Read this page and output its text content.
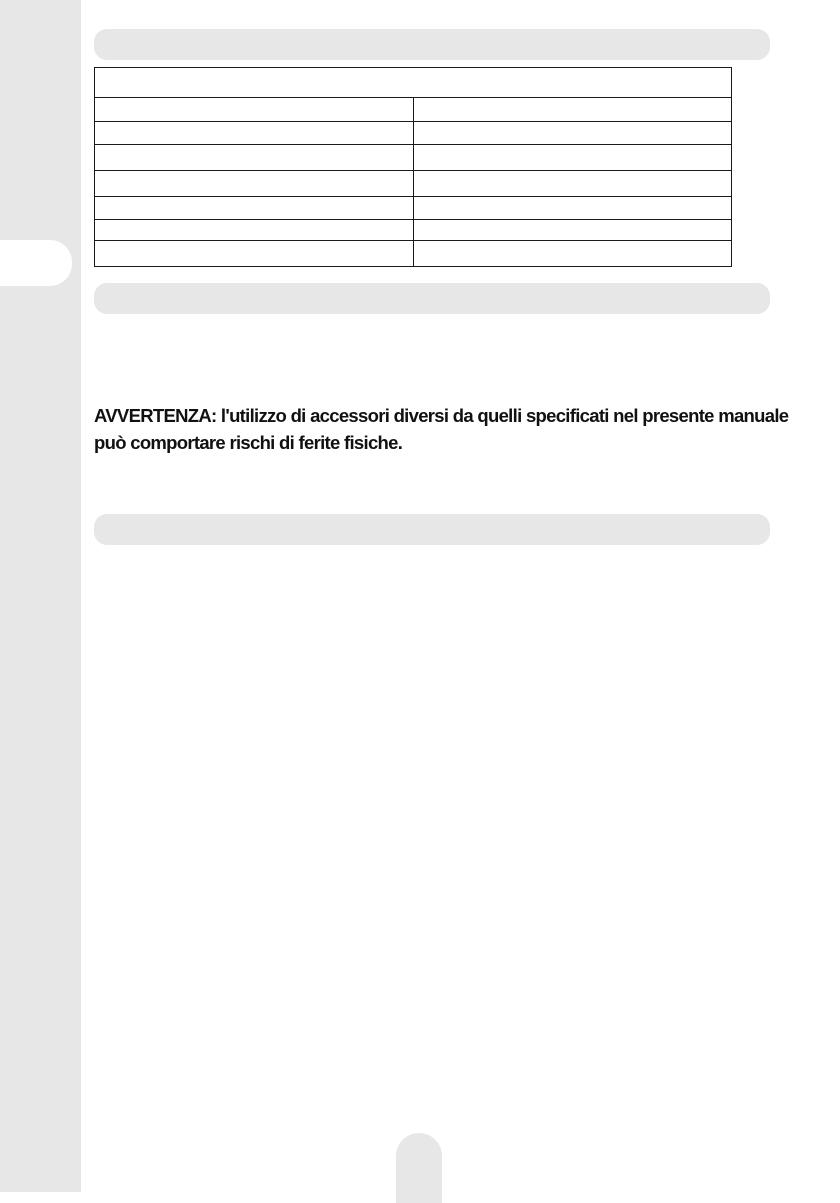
AVVERTENZA: l'utilizzo di accessori diversi da quelli specificati nel presente manuale
può comportare rischi di ferite fisiche.
